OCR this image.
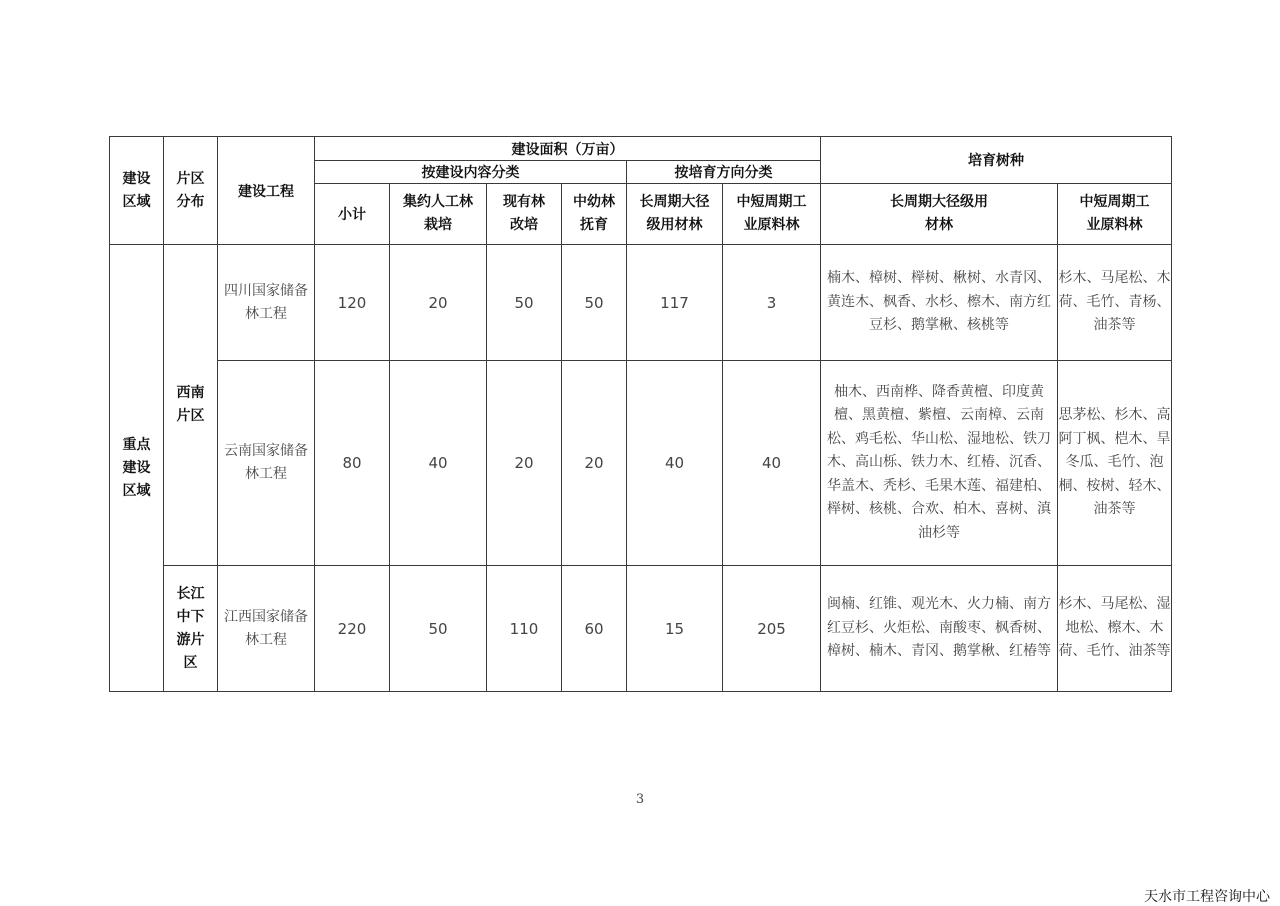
建设区域	片区分布	建设工程	建设面积（万亩）						培育树种	
			按建设内容分类				按培育方向分类			
			小计	集约人工林栽培	现有林改培	中幼林抚育	长周期大径级用材林	中短周期工业原料林	长周期大径级用材林	中短周期工业原料林
重点建设区域	西南片区	四川国家储备林工程	120	20	50	50	117	3	楠木、樟树、榉树、楸树、水青冈、黄连木、枫香、水杉、檫木、南方红豆杉、鹅掌楸、核桃等	杉木、马尾松、木荷、毛竹、青杨、油茶等
		云南国家储备林工程	80	40	20	20	40	40	柚木、西南桦、降香黄檀、印度黄檀、黑黄檀、紫檀、云南樟、云南松、鸡毛松、华山松、湿地松、铁刀木、高山栎、铁力木、红椿、沉香、华盖木、秃杉、毛果木莲、福建柏、榉树、核桃、合欢、柏木、喜树、滇油杉等	思茅松、杉木、高阿丁枫、桤木、旱冬瓜、毛竹、泡桐、桉树、轻木、油茶等
	长江中下游片区	江西国家储备林工程	220	50	110	60	15	205	闽楠、红锥、观光木、火力楠、南方红豆杉、火炬松、南酸枣、枫香树、樟树、楠木、青冈、鹅掌楸、红椿等	杉木、马尾松、湿地松、檫木、木荷、毛竹、油茶等
3
天水市工程咨询中心
